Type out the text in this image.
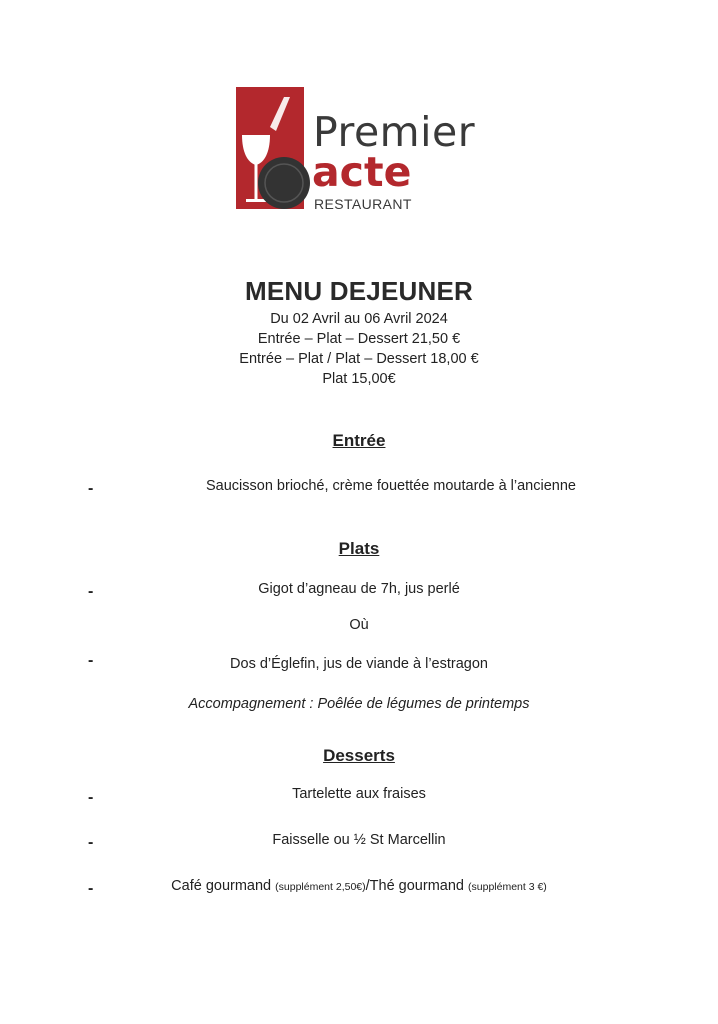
Premier
acte
RESTAURANT
MENU DEJEUNER
Du 02 Avril au 06 Avril 2024
Entrée – Plat – Dessert 21,50 €
Entrée – Plat / Plat – Dessert 18,00 €
Plat 15,00€
Entrée
-	Saucisson brioché, crème fouettée moutarde à l’ancienne
Plats
-	Gigot d’agneau de 7h, jus perlé
Où
-	Dos d’Églefin, jus de viande à l’estragon
Accompagnement : Poêlée de légumes de printemps
Desserts
-	Tartelette aux fraises
-	Faisselle ou ½ St Marcellin
-	Café gourmand (supplément 2,50€)/Thé gourmand (supplément 3 €)
